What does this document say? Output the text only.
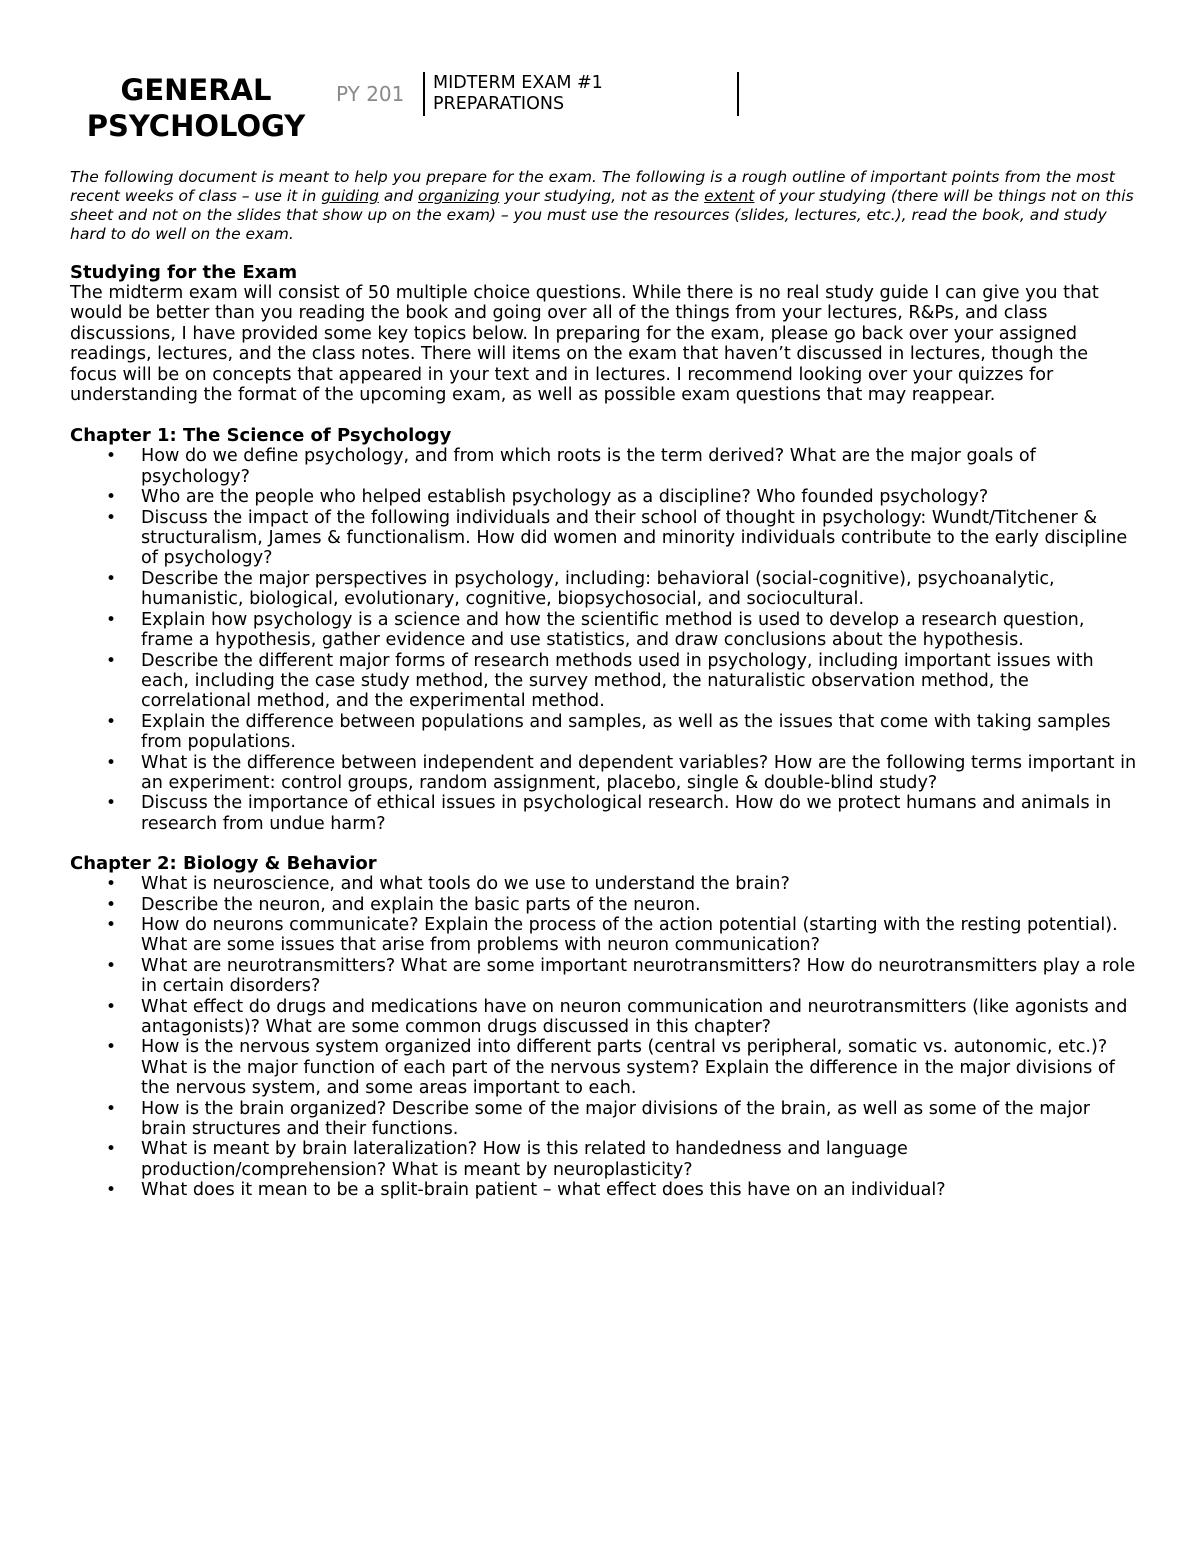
GENERAL
PSYCHOLOGY
PY 201 MIDTERM EXAM #1
PREPARATIONS

The following document is meant to help you prepare for the exam. The following is a rough outline of important points from the most recent weeks of class – use it in guiding and organizing your studying, not as the extent of your studying (there will be things not on this sheet and not on the slides that show up on the exam) – you must use the resources (slides, lectures, etc.), read the book, and study hard to do well on the exam.

Studying for the Exam

The midterm exam will consist of 50 multiple choice questions. While there is no real study guide I can give you that would be better than you reading the book and going over all of the things from your lectures, R&Ps, and class discussions, I have provided some key topics below. In preparing for the exam, please go back over your assigned readings, lectures, and the class notes. There will items on the exam that haven’t discussed in lectures, though the focus will be on concepts that appeared in your text and in lectures. I recommend looking over your quizzes for understanding the format of the upcoming exam, as well as possible exam questions that may reappear.

Chapter 1: The Science of Psychology
• How do we define psychology, and from which roots is the term derived? What are the major goals of psychology?
• Who are the people who helped establish psychology as a discipline? Who founded psychology?
• Discuss the impact of the following individuals and their school of thought in psychology: Wundt/Titchener & structuralism, James & functionalism. How did women and minority individuals contribute to the early discipline of psychology?
• Describe the major perspectives in psychology, including: behavioral (social-cognitive), psychoanalytic, humanistic, biological, evolutionary, cognitive, biopsychosocial, and sociocultural.
• Explain how psychology is a science and how the scientific method is used to develop a research question, frame a hypothesis, gather evidence and use statistics, and draw conclusions about the hypothesis.
• Describe the different major forms of research methods used in psychology, including important issues with each, including the case study method, the survey method, the naturalistic observation method, the correlational method, and the experimental method.
• Explain the difference between populations and samples, as well as the issues that come with taking samples from populations.
• What is the difference between independent and dependent variables? How are the following terms important in an experiment: control groups, random assignment, placebo, single & double-blind study?
• Discuss the importance of ethical issues in psychological research. How do we protect humans and animals in research from undue harm?
Chapter 2: Biology & Behavior
• What is neuroscience, and what tools do we use to understand the brain?
• Describe the neuron, and explain the basic parts of the neuron.
• How do neurons communicate? Explain the process of the action potential (starting with the resting potential). What are some issues that arise from problems with neuron communication?
• What are neurotransmitters? What are some important neurotransmitters? How do neurotransmitters play a role in certain disorders?
• What effect do drugs and medications have on neuron communication and neurotransmitters (like agonists and antagonists)? What are some common drugs discussed in this chapter?
• How is the nervous system organized into different parts (central vs peripheral, somatic vs. autonomic, etc.)? What is the major function of each part of the nervous system? Explain the difference in the major divisions of the nervous system, and some areas important to each.
• How is the brain organized? Describe some of the major divisions of the brain, as well as some of the major brain structures and their functions.
• What is meant by brain lateralization? How is this related to handedness and language production/comprehension? What is meant by neuroplasticity?
• What does it mean to be a split-brain patient – what effect does this have on an individual?
